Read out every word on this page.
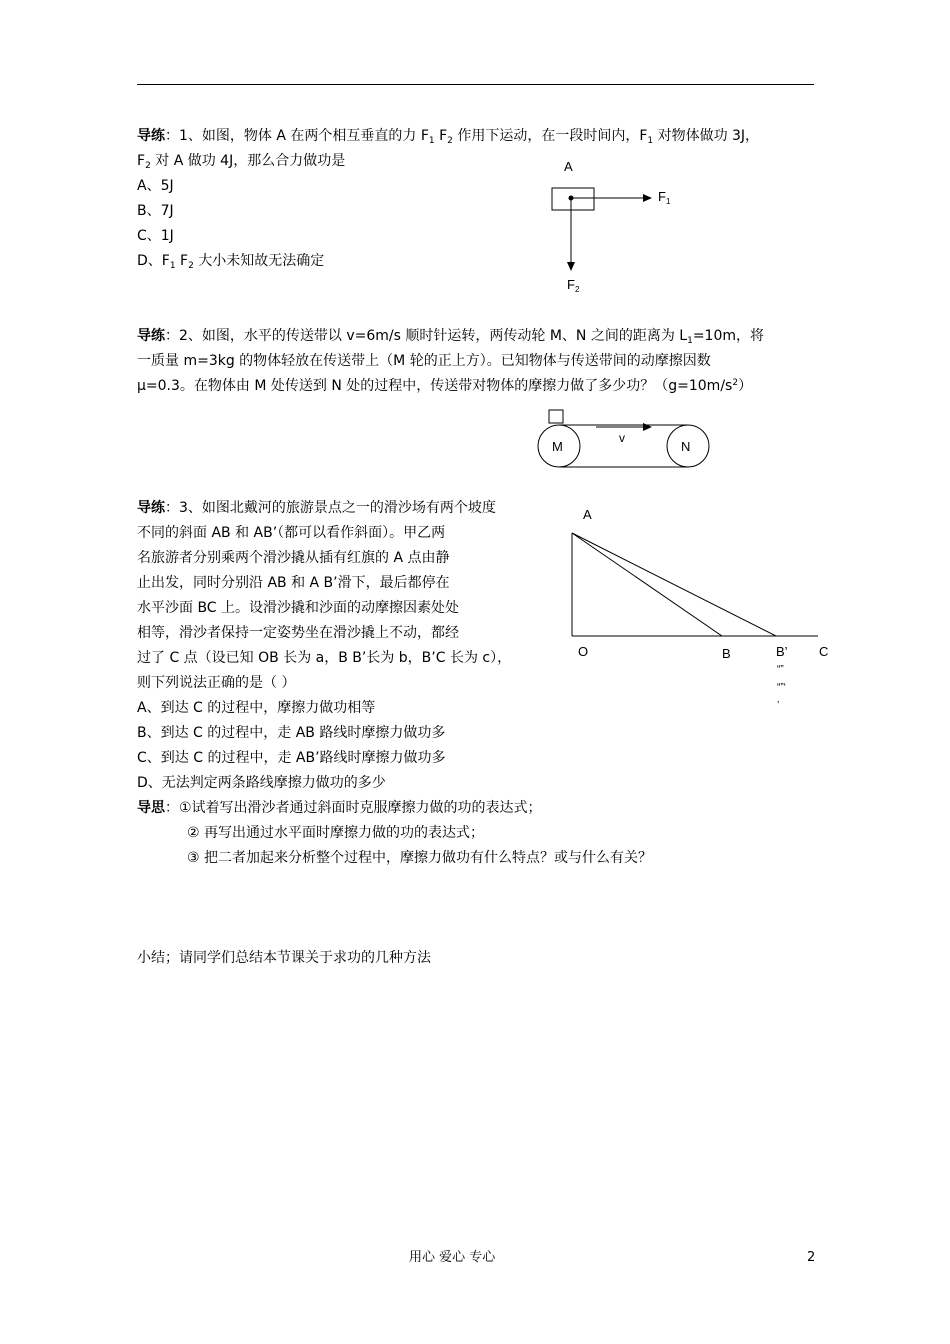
导练：1、如图，物体 A 在两个相互垂直的力 $F_1$ $F_2$ 作用下运动，在一段时间内，$F_1$ 对物体做功 3J，
$F_2$ 对 A 做功 4J，那么合力做功是
A、5J
B、7J
C、1J
D、$F_1$ $F_2$ 大小未知故无法确定
A
$F_1$
$F_2$
导练：2、如图，水平的传送带以 v=6m/s 顺时针运转，两传动轮 M、N 之间的距离为 $L_1=10m$，将
一质量 m=3kg 的物体轻放在传送带上（M 轮的正上方）。已知物体与传送带间的动摩擦因数
μ=0.3。在物体由 M 处传送到 N 处的过程中，传送带对物体的摩擦力做了多少功？$(g=10m/s^2)$
M	N
v
导练：3、如图北戴河的旅游景点之一的滑沙场有两个坡度
不同的斜面 AB 和 AB’（都可以看作斜面）。甲乙两
名旅游者分别乘两个滑沙撬从插有红旗的 A 点由静
止出发，同时分别沿 AB 和 A B’滑下，最后都停在
水平沙面 BC 上。设滑沙撬和沙面的动摩擦因素处处
相等，滑沙者保持一定姿势坐在滑沙撬上不动，都经
过了 C 点（设已知 OB 长为 a，B B’长为 b，B’C 长为 c），
则下列说法正确的是（ ）
A、到达 C 的过程中，摩擦力做功相等
B、到达 C 的过程中，走 AB 路线时摩擦力做功多
C、到达 C 的过程中，走 AB’路线时摩擦力做功多
D、无法判定两条路线摩擦力做功的多少
导思：①试着写出滑沙者通过斜面时克服摩擦力做的功的表达式；
② 再写出通过水平面时摩擦力做的功的表达式；
③ 把二者加起来分析整个过程中，摩擦力做功有什么特点？或与什么有关？
A
O	B	B’ C
“”
“”‘
’
小结；请同学们总结本节课关于求功的几种方法
用心 爱心 专心	2
